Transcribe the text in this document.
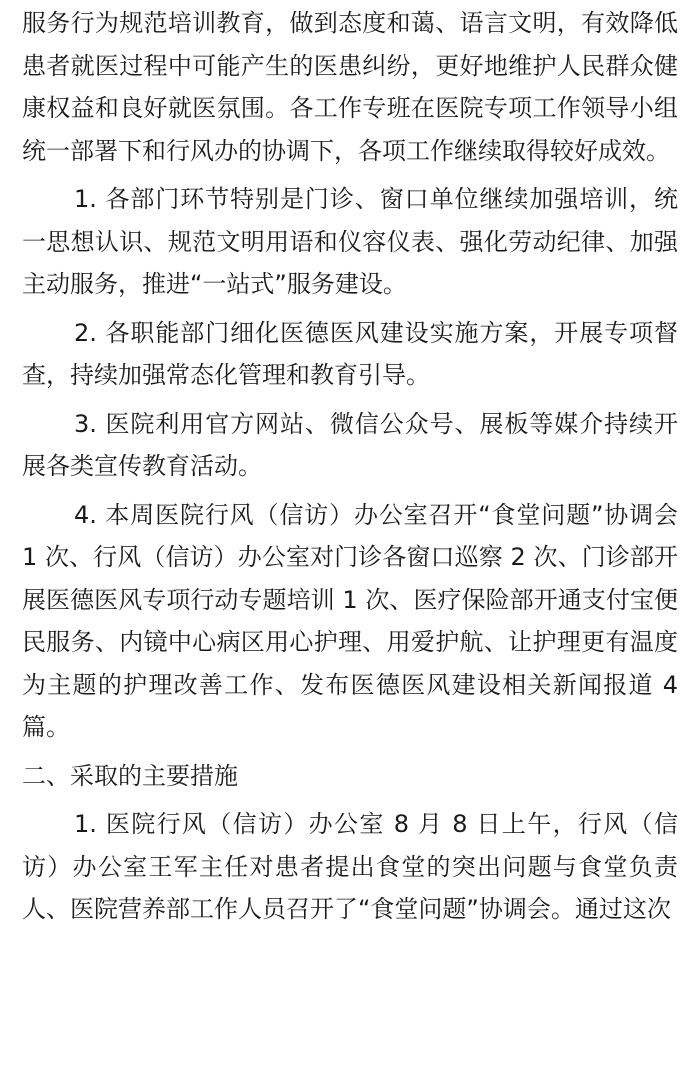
服务行为规范培训教育，做到态度和蔼、语言文明，有效降低患者就医过程中可能产生的医患纠纷，更好地维护人民群众健康权益和良好就医氛围。各工作专班在医院专项工作领导小组统一部署下和行风办的协调下，各项工作继续取得较好成效。

1. 各部门环节特别是门诊、窗口单位继续加强培训，统一思想认识、规范文明用语和仪容仪表、强化劳动纪律、加强主动服务，推进“一站式”服务建设。

2. 各职能部门细化医德医风建设实施方案，开展专项督查，持续加强常态化管理和教育引导。

3. 医院利用官方网站、微信公众号、展板等媒介持续开展各类宣传教育活动。

4. 本周医院行风（信访）办公室召开“食堂问题”协调会 1 次、行风（信访）办公室对门诊各窗口巡察 2 次、门诊部开展医德医风专项行动专题培训 1 次、医疗保险部开通支付宝便民服务、内镜中心病区用心护理、用爱护航、让护理更有温度为主题的护理改善工作、发布医德医风建设相关新闻报道 4 篇。

二、采取的主要措施

1. 医院行风（信访）办公室 8 月 8 日上午，行风（信访）办公室王军主任对患者提出食堂的突出问题与食堂负责人、医院营养部工作人员召开了“食堂问题”协调会。通过这次
